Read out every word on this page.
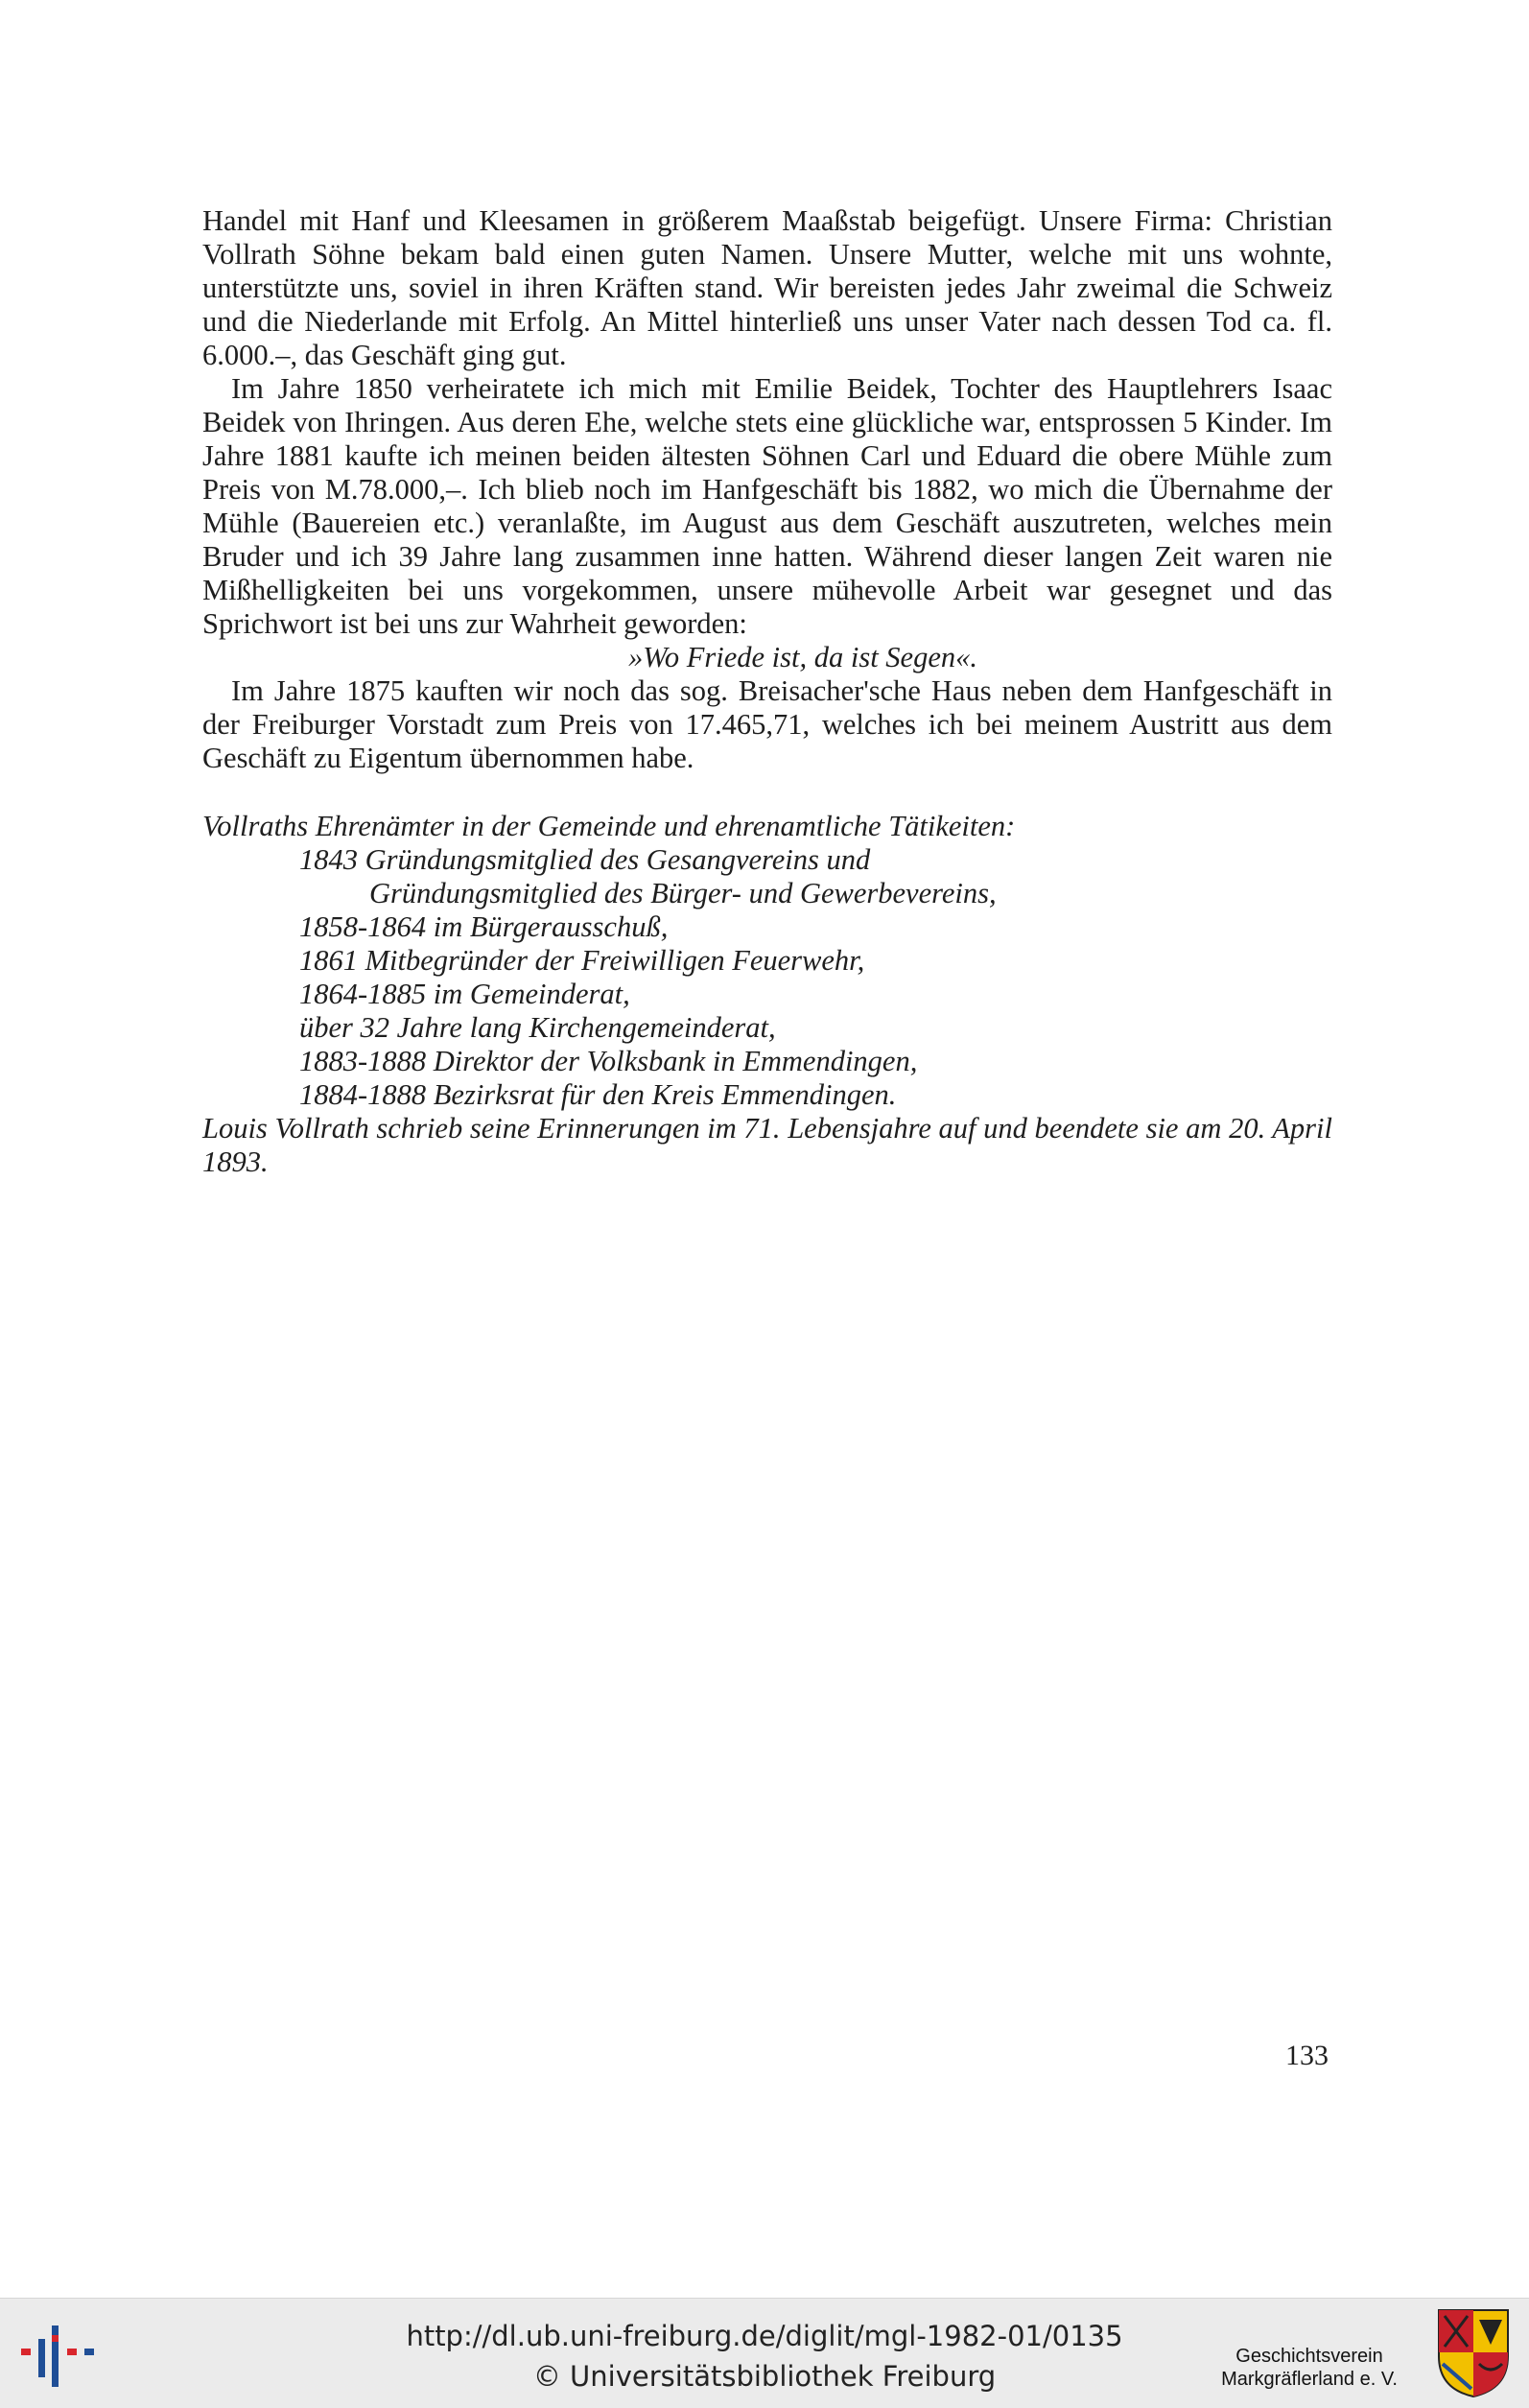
Handel mit Hanf und Kleesamen in größerem Maaßstab beigefügt. Unsere Firma: Christian Vollrath Söhne bekam bald einen guten Namen. Unsere Mutter, welche mit uns wohnte, unterstützte uns, soviel in ihren Kräften stand. Wir bereisten jedes Jahr zweimal die Schweiz und die Niederlande mit Erfolg. An Mittel hinterließ uns unser Vater nach dessen Tod ca. fl. 6.000.–, das Geschäft ging gut.

Im Jahre 1850 verheiratete ich mich mit Emilie Beidek, Tochter des Hauptlehrers Isaac Beidek von Ihringen. Aus deren Ehe, welche stets eine glückliche war, entsprossen 5 Kinder. Im Jahre 1881 kaufte ich meinen beiden ältesten Söhnen Carl und Eduard die obere Mühle zum Preis von M.78.000,–. Ich blieb noch im Hanfgeschäft bis 1882, wo mich die Übernahme der Mühle (Bauereien etc.) veranlaßte, im August aus dem Geschäft auszutreten, welches mein Bruder und ich 39 Jahre lang zusammen inne hatten. Während dieser langen Zeit waren nie Mißhelligkeiten bei uns vorgekommen, unsere mühevolle Arbeit war gesegnet und das Sprichwort ist bei uns zur Wahrheit geworden:

»Wo Friede ist, da ist Segen«.

Im Jahre 1875 kauften wir noch das sog. Breisacher'sche Haus neben dem Hanfgeschäft in der Freiburger Vorstadt zum Preis von 17.465,71, welches ich bei meinem Austritt aus dem Geschäft zu Eigentum übernommen habe.

Vollraths Ehrenämter in der Gemeinde und ehrenamtliche Tätikeiten:

1843 Gründungsmitglied des Gesangvereins und

Gründungsmitglied des Bürger- und Gewerbevereins,

1858-1864 im Bürgerausschuß,

1861 Mitbegründer der Freiwilligen Feuerwehr,

1864-1885 im Gemeinderat,

über 32 Jahre lang Kirchengemeinderat,

1883-1888 Direktor der Volksbank in Emmendingen,

1884-1888 Bezirksrat für den Kreis Emmendingen.

Louis Vollrath schrieb seine Erinnerungen im 71. Lebensjahre auf und beendete sie am 20. April 1893.

133
http://dl.ub.uni-freiburg.de/diglit/mgl-1982-01/0135
© Universitätsbibliothek Freiburg
Geschichtsverein
Markgräflerland e. V.
